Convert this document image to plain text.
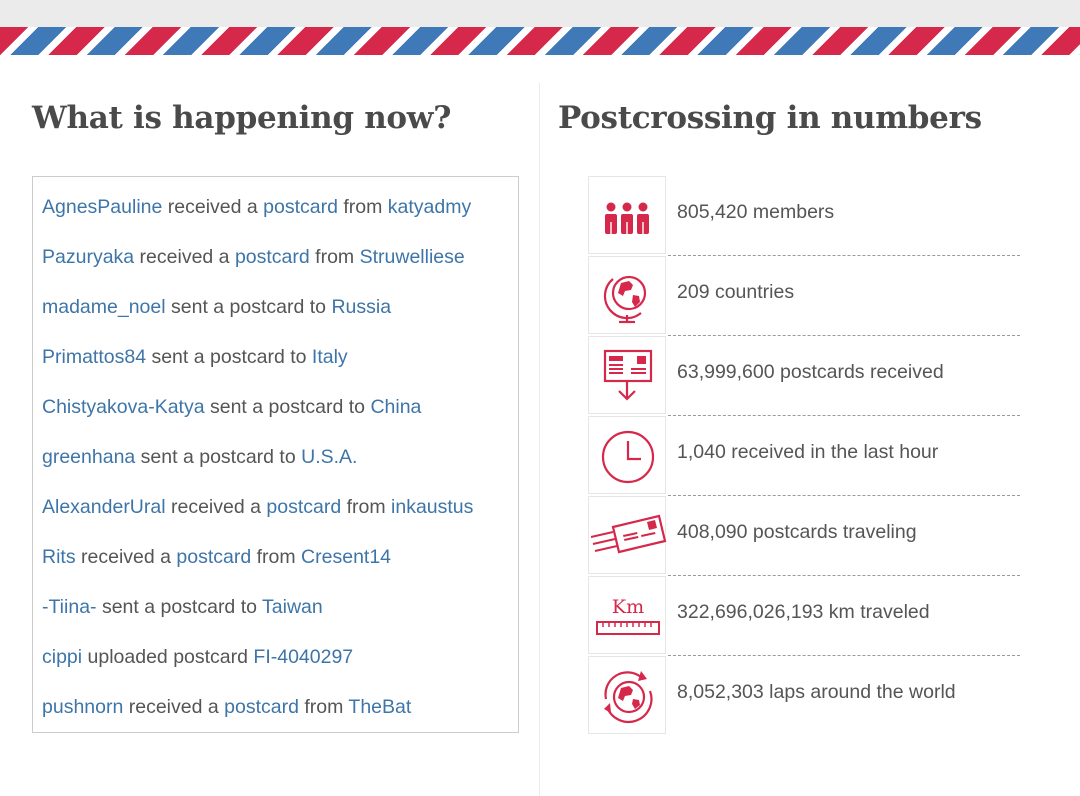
What is happening now?	Postcrossing in numbers
AgnesPauline received a postcard from katyadmy
Pazuryaka received a postcard from Struwelliese
madame_noel sent a postcard to Russia
Primattos84 sent a postcard to Italy
Chistyakova-Katya sent a postcard to China
greenhana sent a postcard to U.S.A.
AlexanderUral received a postcard from inkaustus
Rits received a postcard from Cresent14
-Tiina- sent a postcard to Taiwan
cippi uploaded postcard FI-4040297
pushnorn received a postcard from TheBat
805,420 members
209 countries
63,999,600 postcards received
1,040 received in the last hour
408,090 postcards traveling
Km 322,696,026,193 km traveled
8,052,303 laps around the world
